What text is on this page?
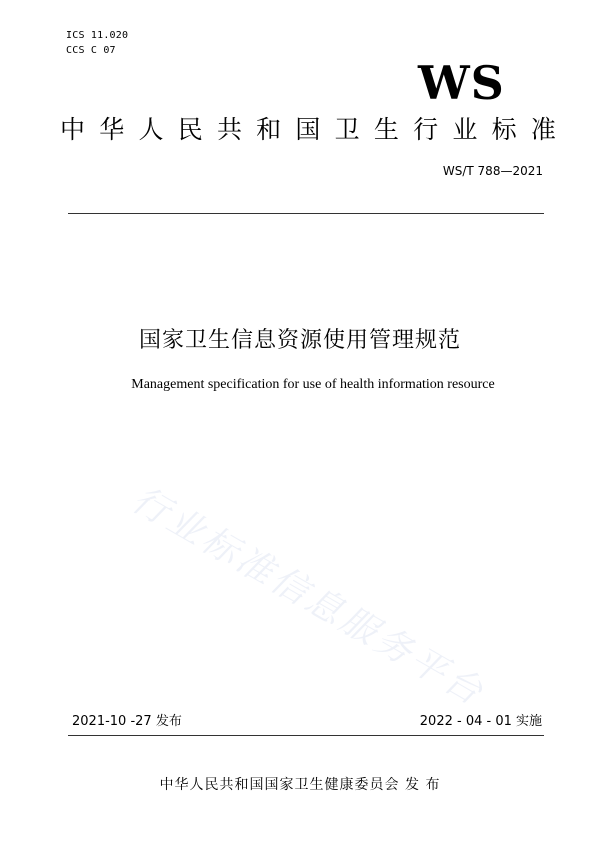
ICS 11.020
CCS C 07
WS
中 华 人 民 共 和 国 卫 生 行 业 标 准
WS/T 788—2021
国家卫生信息资源使用管理规范
Management specification for use of health information resource
行业标准信息服务平台
2021-10 -27 发布	2022 - 04 - 01 实施
中华人民共和国国家卫生健康委员会 发 布
